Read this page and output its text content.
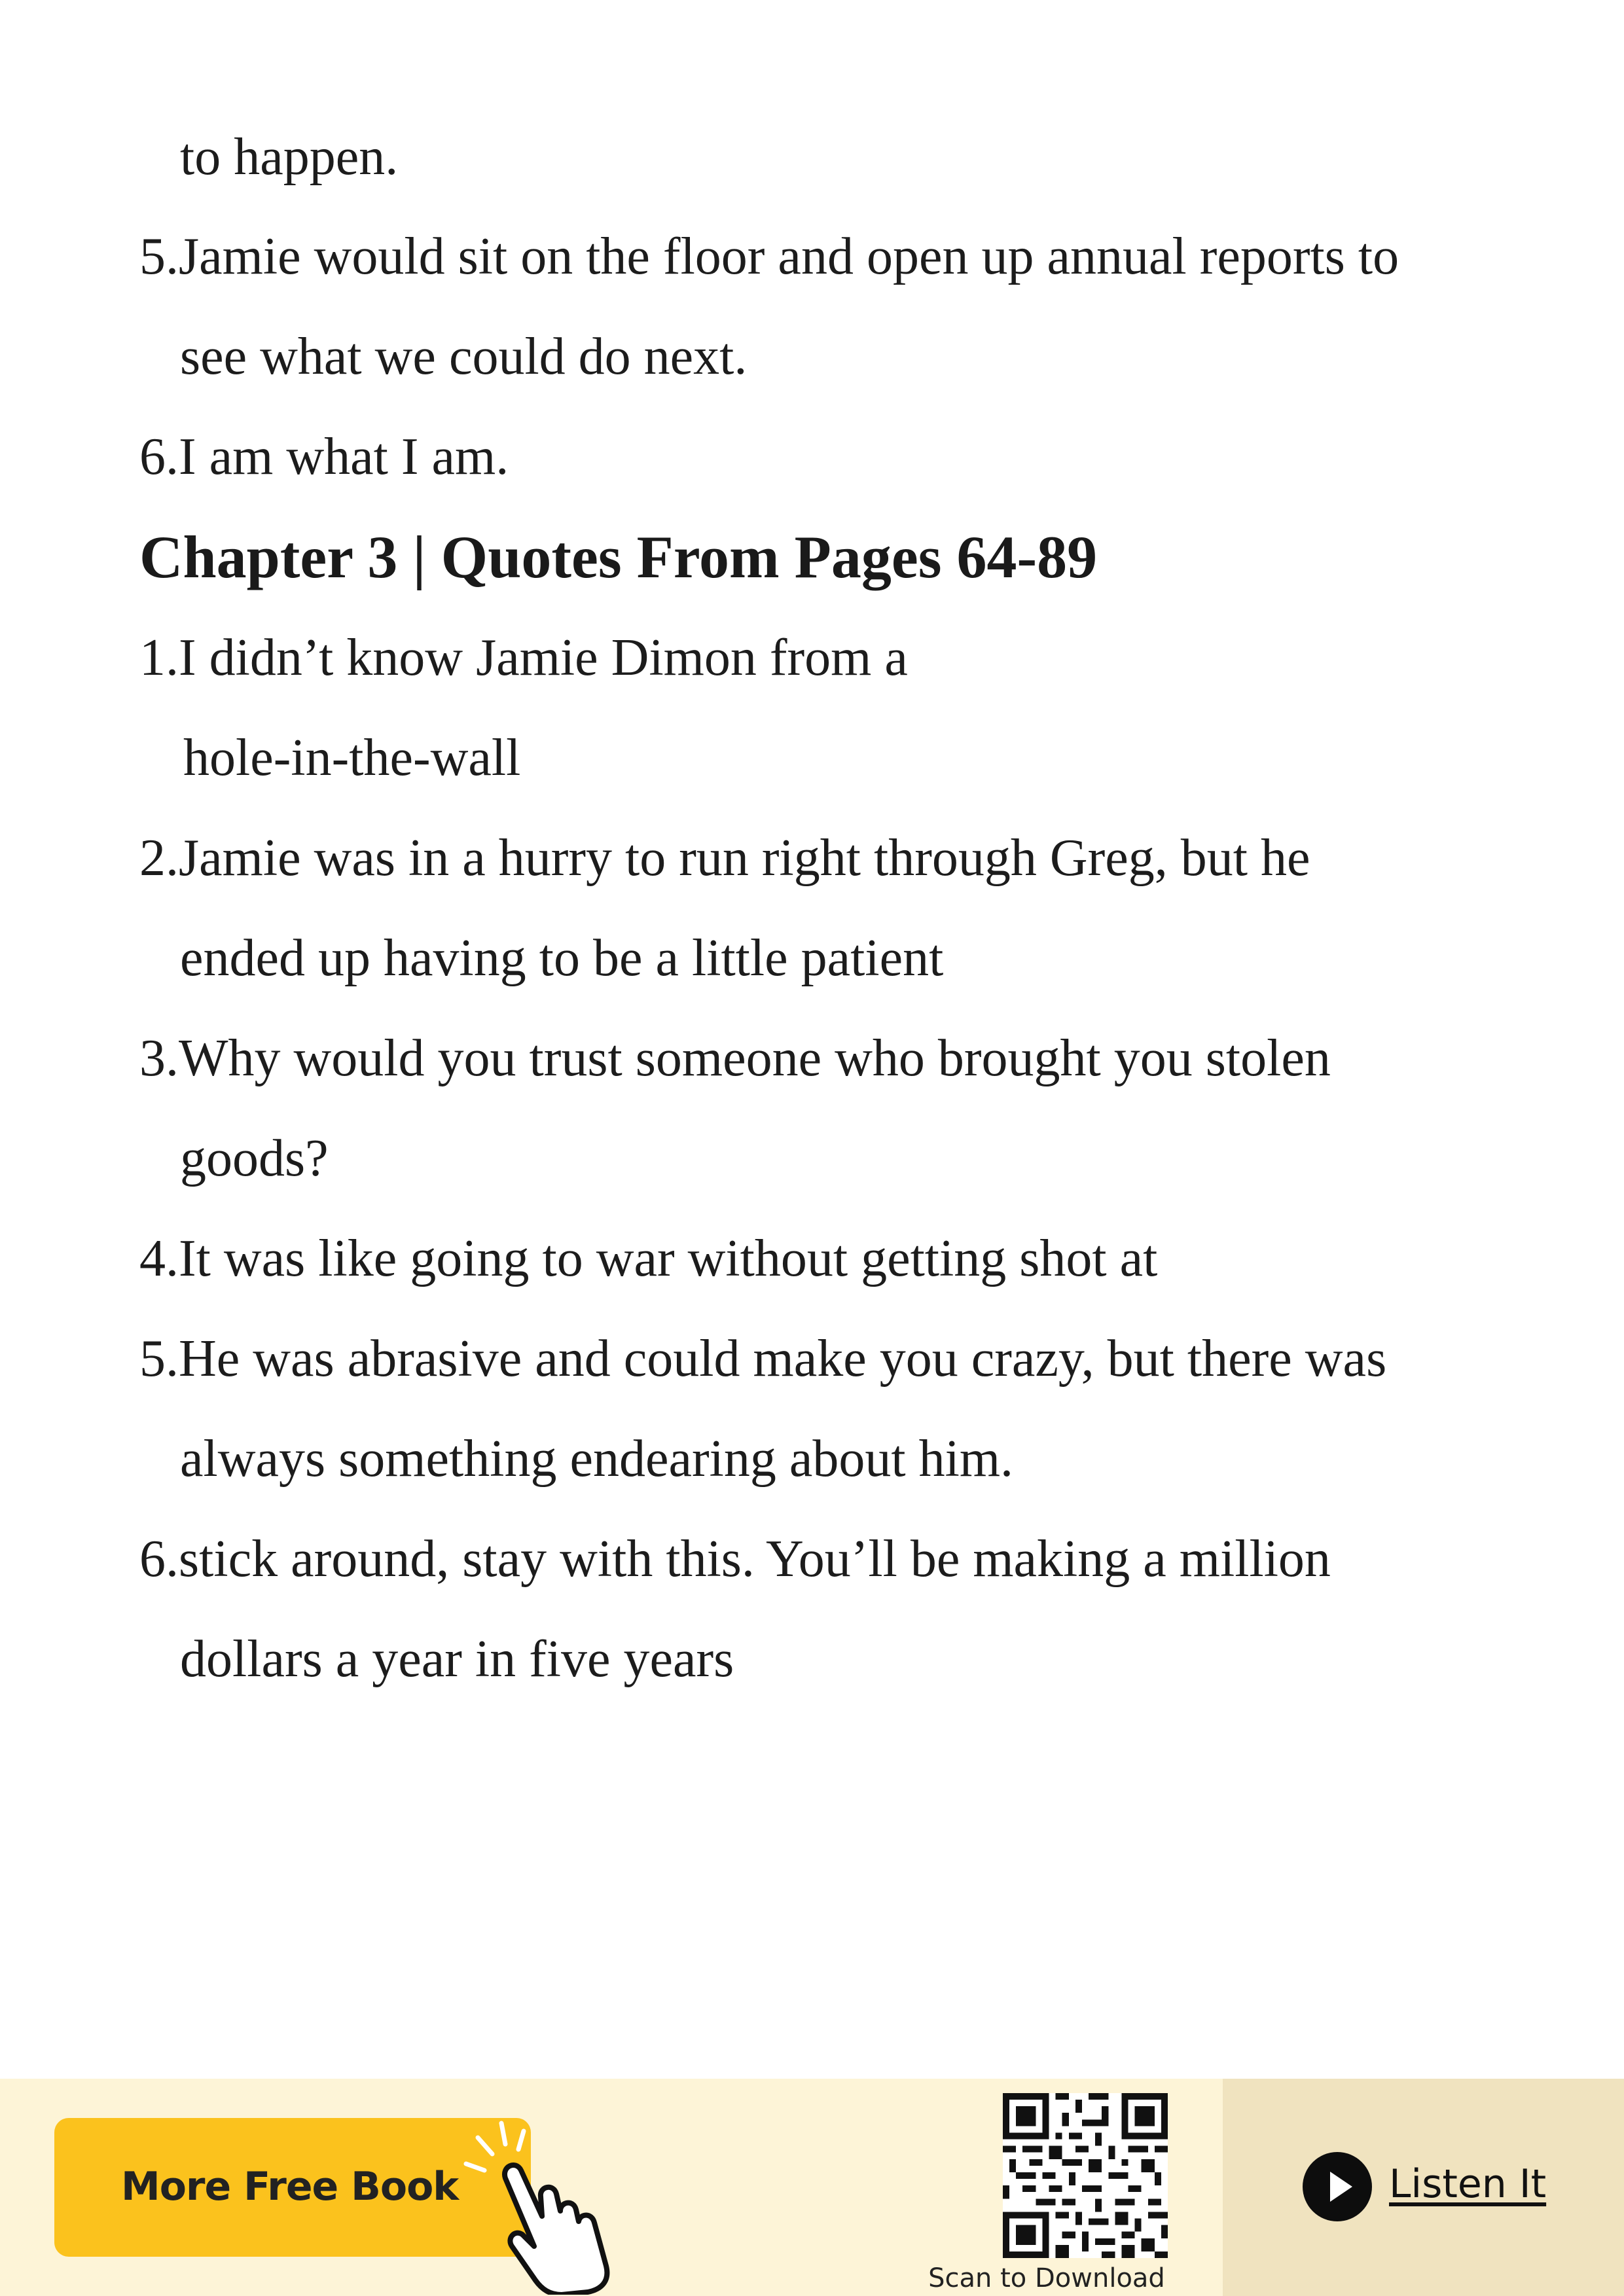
to happen.
5.Jamie would sit on the floor and open up annual reports to
see what we could do next.
6.I am what I am.
Chapter 3 | Quotes From Pages 64-89
1.I didn’t know Jamie Dimon from a
hole-in-the-wall
2.Jamie was in a hurry to run right through Greg, but he
ended up having to be a little patient
3.Why would you trust someone who brought you stolen
goods?
4.It was like going to war without getting shot at
5.He was abrasive and could make you crazy, but there was
always something endearing about him.
6.stick around, stay with this. You’ll be making a million
dollars a year in five years
More Free Book
Scan to Download
Listen It
